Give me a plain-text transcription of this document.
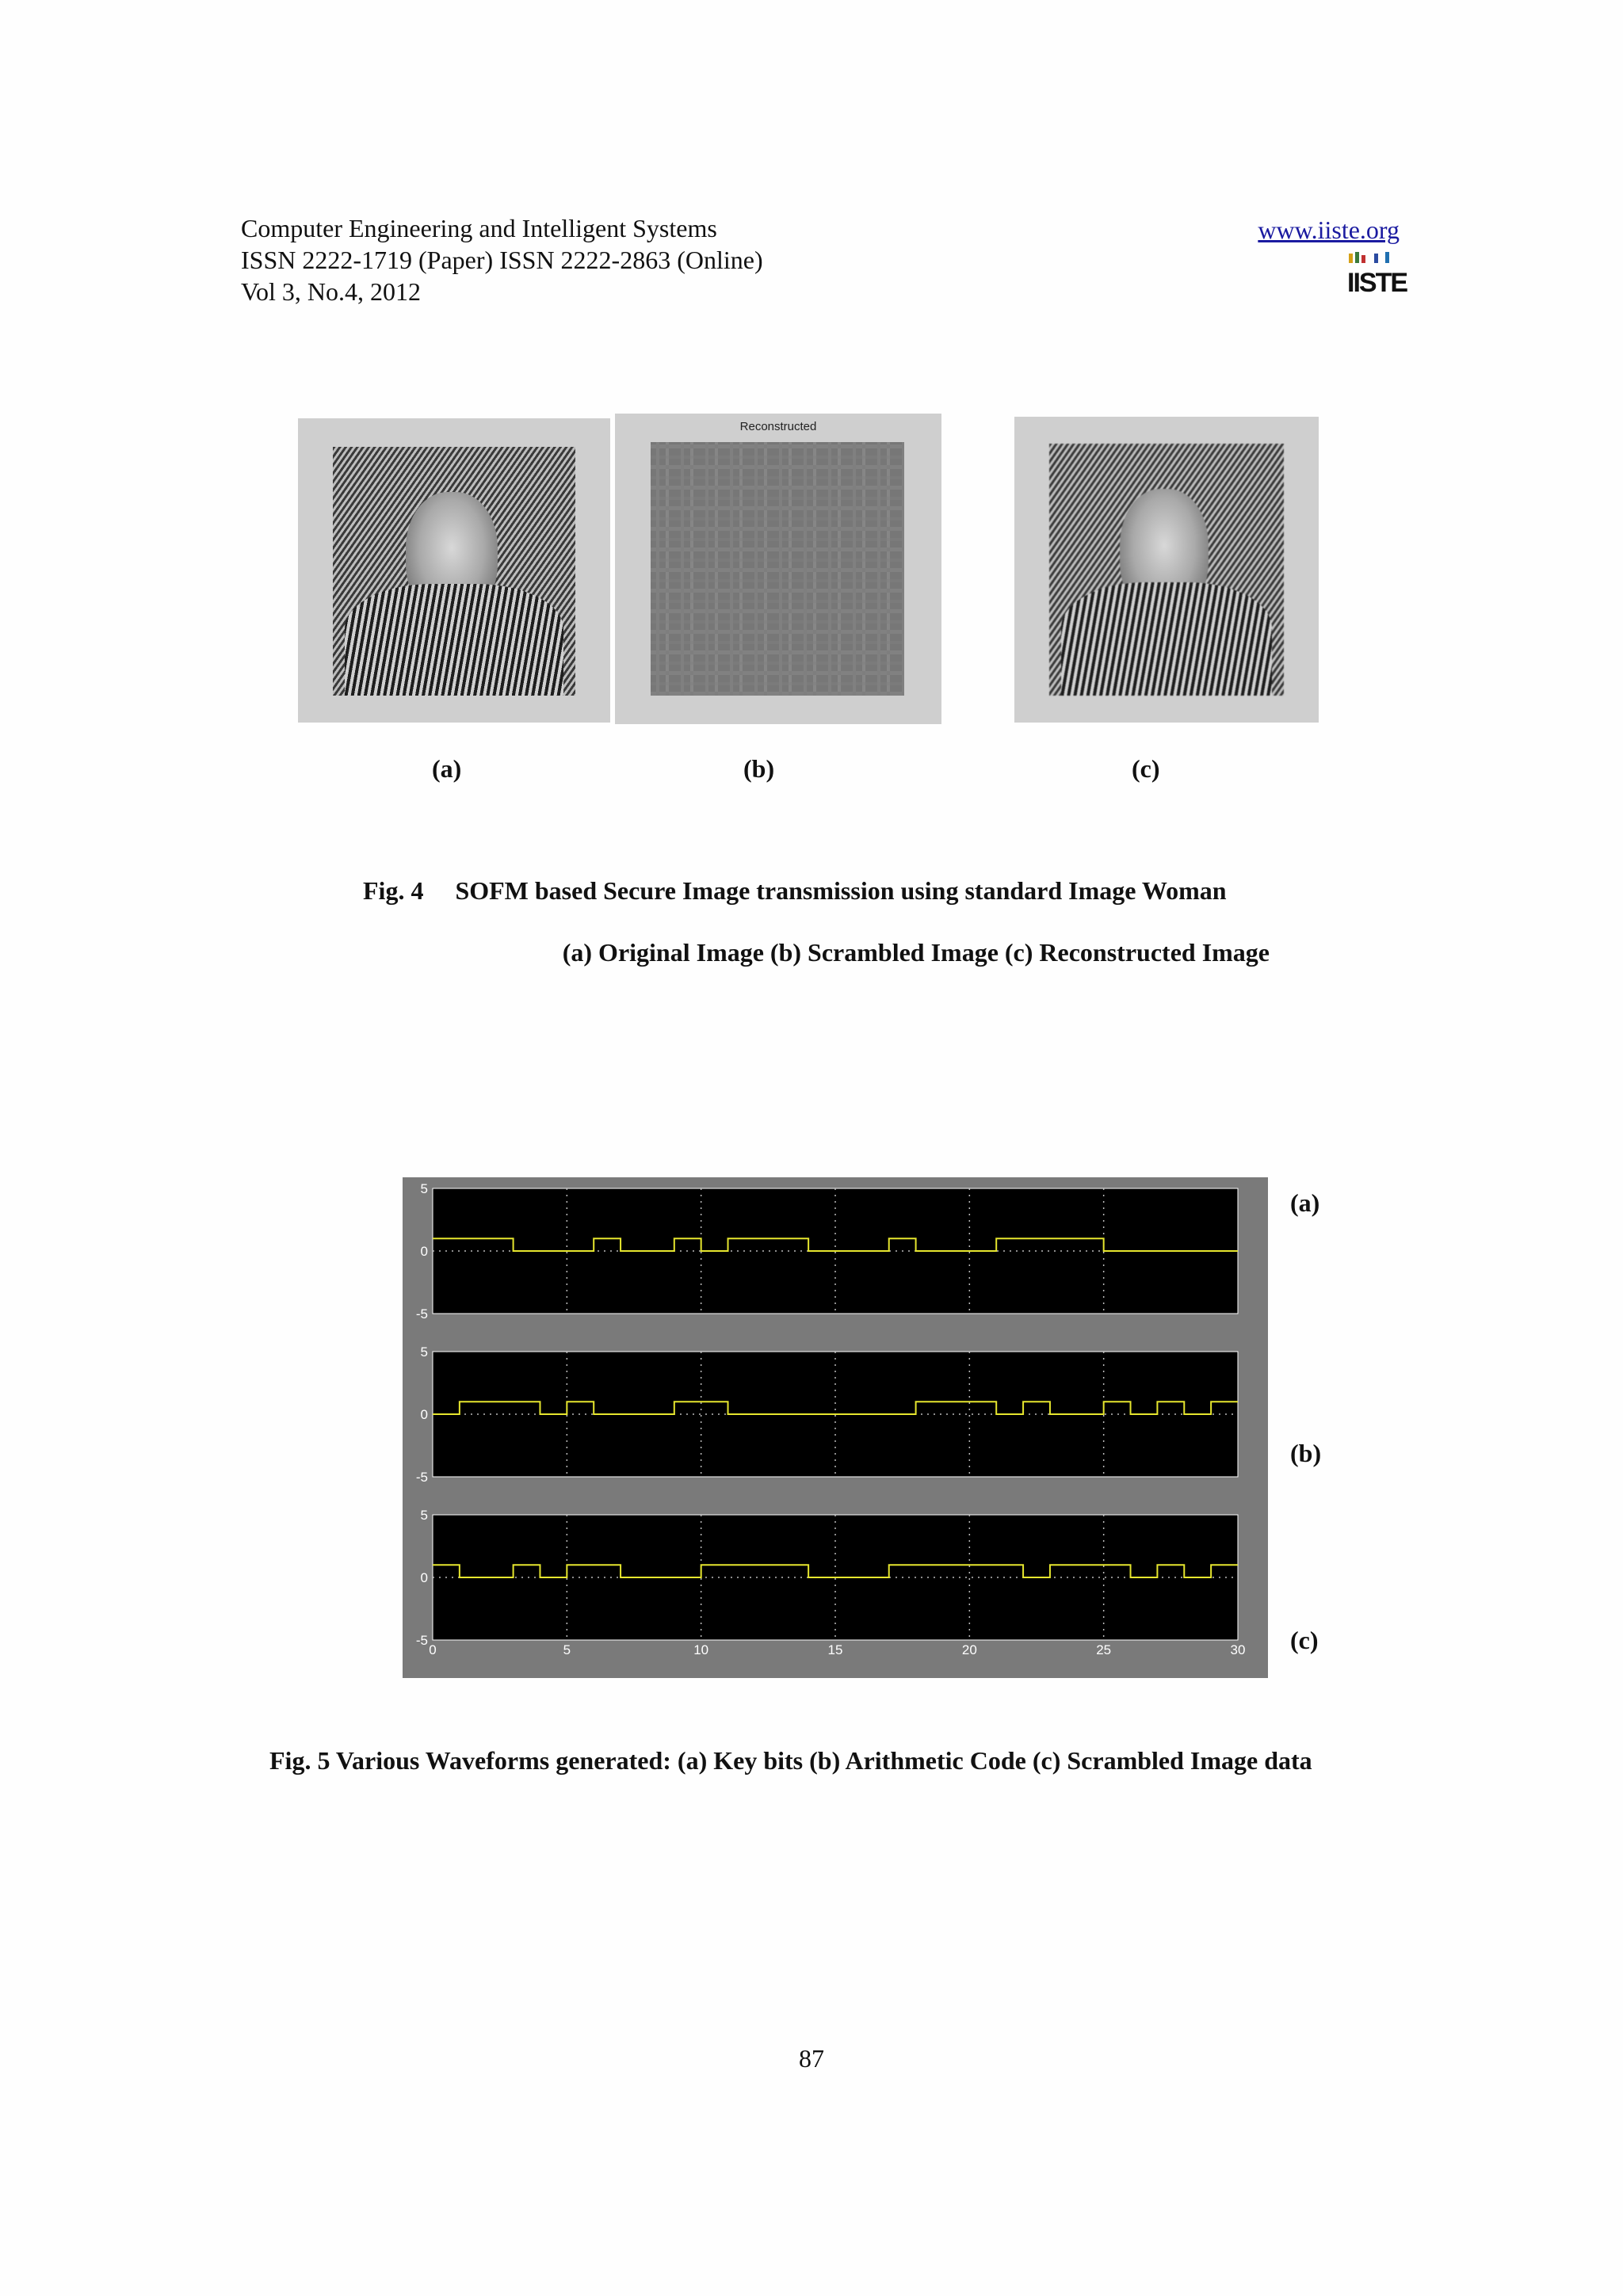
Computer Engineering and Intelligent Systems
ISSN 2222-1719 (Paper) ISSN 2222-2863 (Online)
Vol 3, No.4, 2012
www.iiste.org
IISTE
Reconstructed
(a)	(b)	(c)
Fig. 4     SOFM based Secure Image transmission using standard Image Woman
(a) Original Image (b) Scrambled Image (c) Reconstructed Image
5
0
-5
5
0
-5
5
0
-5
0	5	10	15	20	25	30
(a)
(b)
(c)
Fig. 5 Various Waveforms generated: (a) Key bits (b) Arithmetic Code (c) Scrambled Image data
87
